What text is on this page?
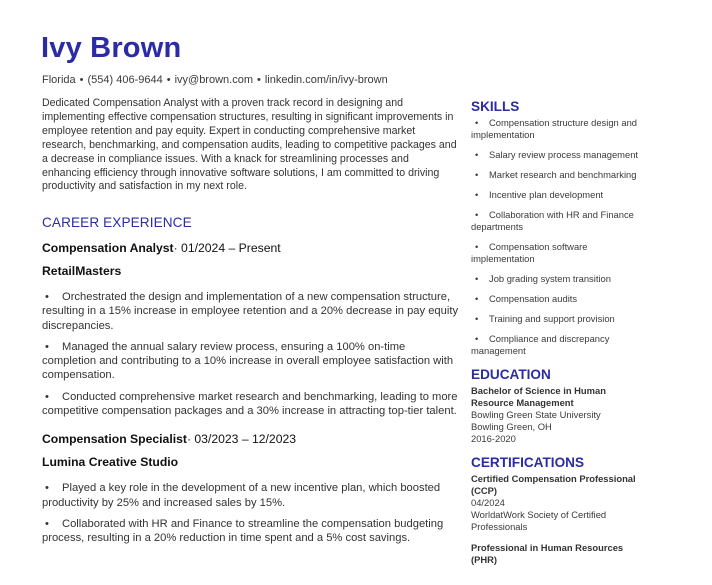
Ivy Brown
Florida • (554) 406-9644 • ivy@brown.com • linkedin.com/in/ivy-brown

Dedicated Compensation Analyst with a proven track record in designing and implementing effective compensation structures, resulting in significant improvements in employee retention and pay equity. Expert in conducting comprehensive market research, benchmarking, and compensation audits, leading to competitive packages and a decrease in compliance issues. With a knack for streamlining processes and enhancing efficiency through innovative software solutions, I am committed to driving productivity and satisfaction in my next role.

CAREER EXPERIENCE
Compensation Analyst· 01/2024 – Present
RetailMasters
• Orchestrated the design and implementation of a new compensation structure, resulting in a 15% increase in employee retention and a 20% decrease in pay equity discrepancies.
• Managed the annual salary review process, ensuring a 100% on-time completion and contributing to a 10% increase in overall employee satisfaction with compensation.
• Conducted comprehensive market research and benchmarking, leading to more competitive compensation packages and a 30% increase in attracting top-tier talent.
Compensation Specialist· 03/2023 – 12/2023
Lumina Creative Studio
• Played a key role in the development of a new incentive plan, which boosted productivity by 25% and increased sales by 15%.
• Collaborated with HR and Finance to streamline the compensation budgeting process, resulting in a 20% reduction in time spent and a 5% cost savings.
SKILLS
• Compensation structure design and implementation
• Salary review process management
• Market research and benchmarking
• Incentive plan development
• Collaboration with HR and Finance departments
• Compensation software implementation
• Job grading system transition
• Compensation audits
• Training and support provision
• Compliance and discrepancy management
EDUCATION
Bachelor of Science in Human Resource Management
Bowling Green State University
Bowling Green, OH
2016-2020
CERTIFICATIONS
Certified Compensation Professional (CCP)
04/2024
WorldatWork Society of Certified Professionals
Professional in Human Resources (PHR)
